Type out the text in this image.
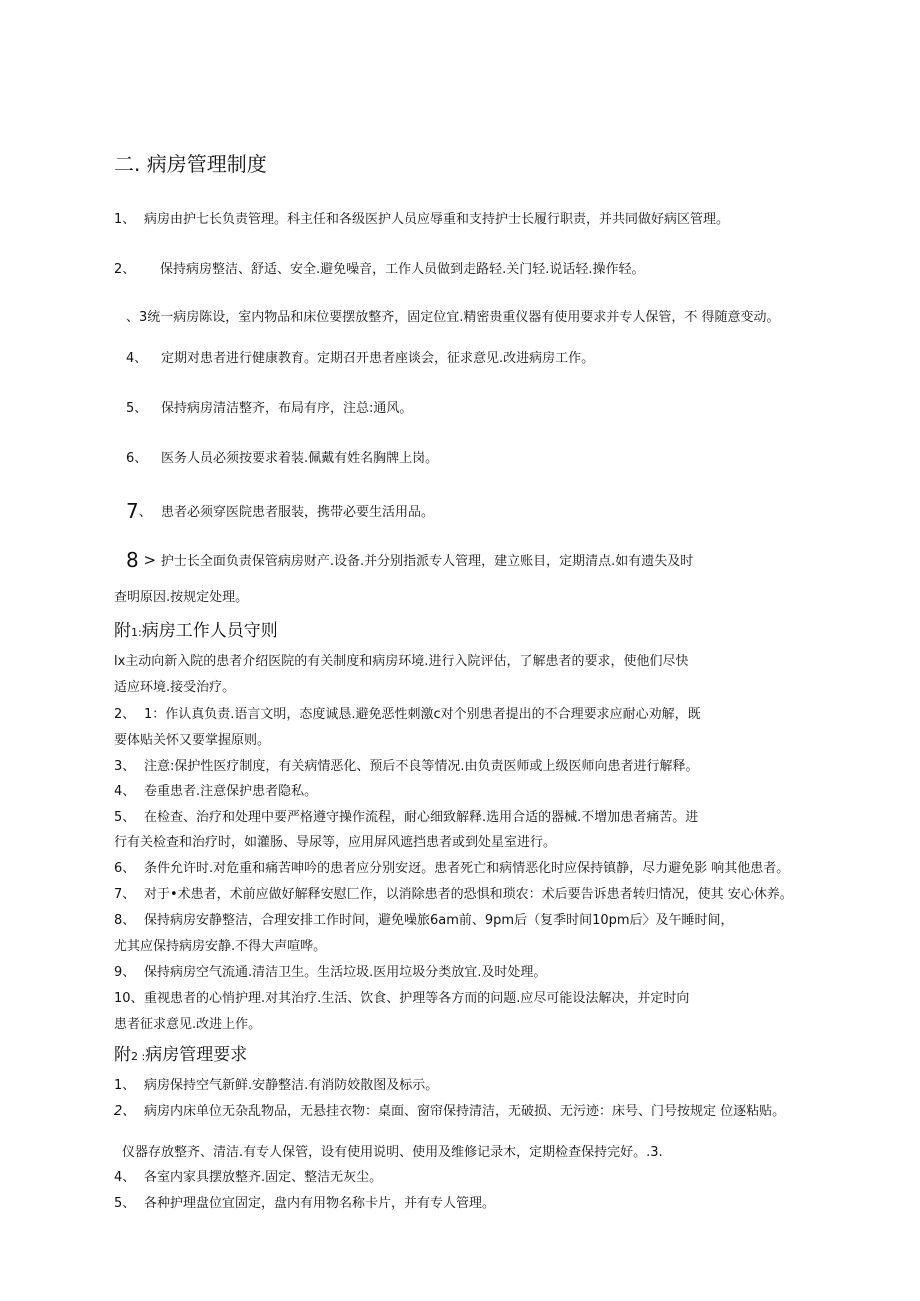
二. 病房管理制度
1、 病房由护七长负责管理。科主任和各级医护人员应辱重和支持护士长履行职责，并共同做好病区管理。
2、 保持病房整洁、舒适、安全.避免噪音，工作人员做到走路轻.关门轻.说话轻.操作轻。
、3统一病房陈设，室内物品和床位要摆放整齐，固定位宜.精密贵重仪器有使用要求并专人保管，不 得随意变动。
4、 定期对患者进行健康教育。定期召开患者座谈会，征求意见.改进病房工作。
5、 保持病房清洁整齐，布局有序，注总:通风。
6、 医务人员必须按要求着装.佩戴有姓名胸牌上岗。
7、 患者必须穿医院患者服装，携带必要生活用品。
8 > 护士长全面负责保管病房财产.设备.并分别指派专人管理，建立账目，定期清点.如有遗失及时
查明原因.按规定处理。
附1:病房工作人员守则
lx主动向新入院的患者介绍医院的有关制度和病房环境.进行入院评估，了解患者的要求，使他们尽快
适应环境.接受治疗。
2、 1：作认真负责.语言文明，态度诚恳.避免恶性刺激c对个别患者提出的不合理要求应耐心劝解，既
要体贴关怀又要掌握原则。
3、 注意:保护性医疗制度，有关病情恶化、预后不良等情况.由负责医师或上级医师向患者进行解释。
4、 卷重患者.注意保护患者隐私。
5、 在检查、治疗和处理中要严格遵守操作流程，耐心细致解释.选用合适的器械.不增加患者痛苦。进
行有关检查和治疗时，如灌肠、导尿等，应用屏风遮挡患者或到处星室进行。
6、 条件允许时.对危重和痛苦呻吟的患者应分别安迓。患者死亡和病情恶化时应保持镇静，尽力避免影 响其他患者。
7、 对于•术患者，术前应做好解释安慰匚作，以消除患者的恐惧和琐农：术后要告诉患者转归情况，使其 安心休养。
8、 保持病房安静整洁，合理安排工作时间，避免噪旅6am前、9pm后（复季时间10pm后〉及午睡时间，
尤其应保持病房安静.不得大声喧哗。
9、 保持病房空气流通.清洁卫生。生活垃圾.医用垃圾分类放宜.及时处理。
10、重视患者的心悄护理.对其治疗.生活、饮食、护理等各方而的问题.应尽可能设法解决，并定时向
患者征求意见.改进上作。
附2 :病房管理要求
1、 病房保持空气新鲜.安静整洁.有消防姣散图及标示。
2、 病房内床单位无杂乱物品，无悬挂衣物：桌面、窗帘保持清洁，无破损、无污迹：床号、门号按规定 位逐粘贴。
仪器存放整齐、清洁.有专人保管，设有使用说明、使用及维修记录木，定期检查保持完好。.3.
4、 各室内家具摆放整齐.固定、整洁无灰尘。
5、 各种护理盘位宜固定，盘内有用物名称卡片，并有专人管理。
